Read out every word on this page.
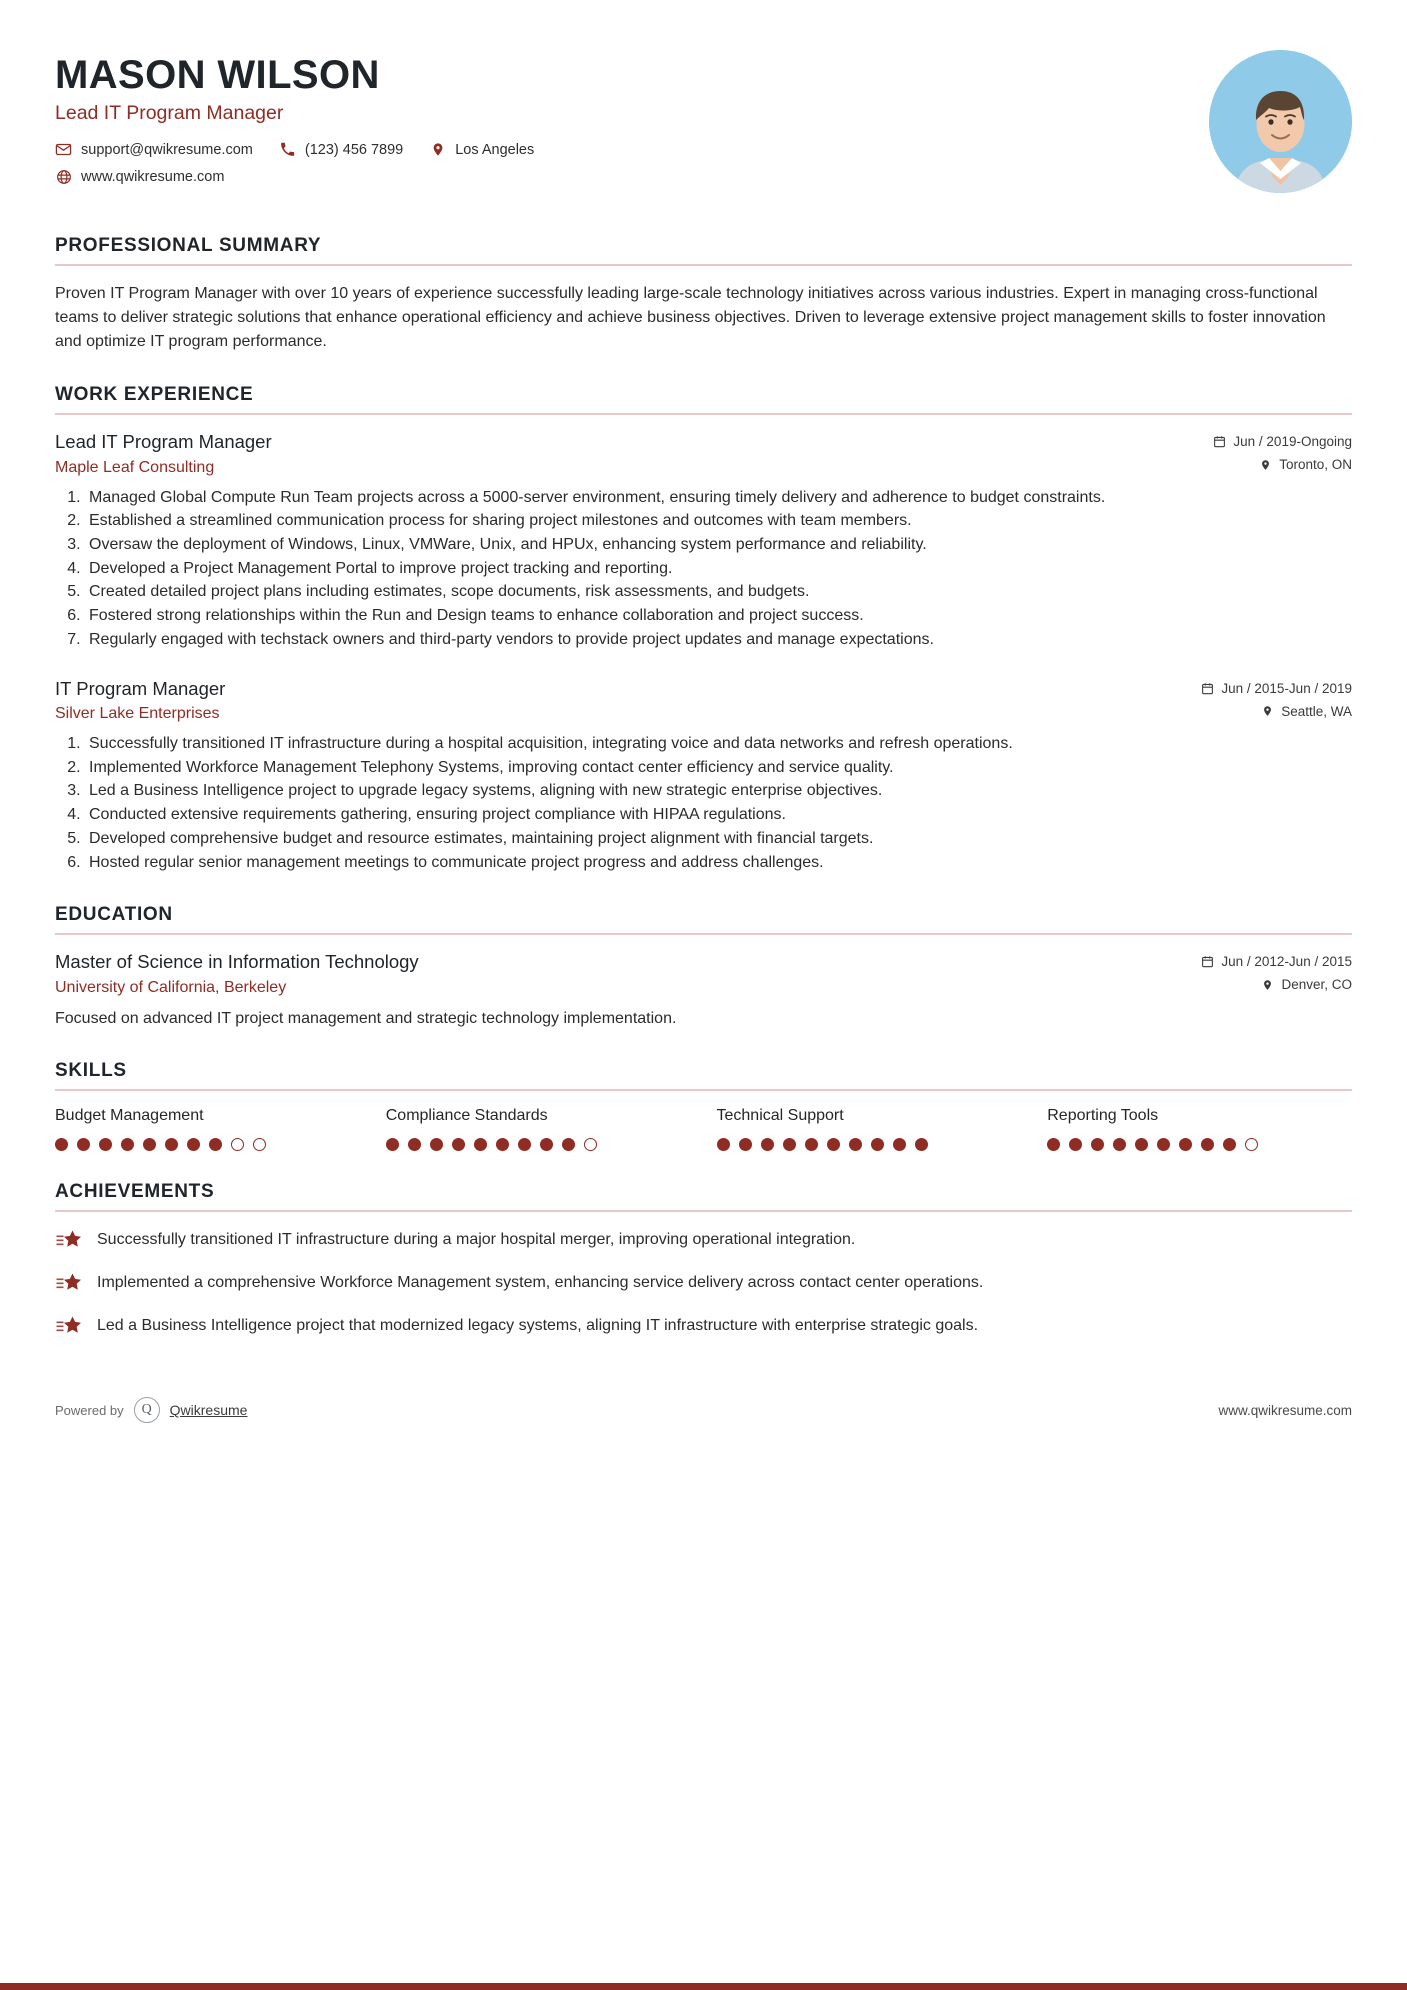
MASON WILSON
Lead IT Program Manager
support@qwikresume.com	(123) 456 7899	Los Angeles
www.qwikresume.com
PROFESSIONAL SUMMARY

Proven IT Program Manager with over 10 years of experience successfully leading large-scale technology initiatives across various industries. Expert in managing cross-functional teams to deliver strategic solutions that enhance operational efficiency and achieve business objectives. Driven to leverage extensive project management skills to foster innovation and optimize IT program performance.

WORK EXPERIENCE
Lead IT Program Manager	Jun / 2019-Ongoing
Maple Leaf Consulting	Toronto, ON
1. Managed Global Compute Run Team projects across a 5000-server environment, ensuring timely delivery and adherence to budget constraints.
2. Established a streamlined communication process for sharing project milestones and outcomes with team members.
3. Oversaw the deployment of Windows, Linux, VMWare, Unix, and HPUx, enhancing system performance and reliability.
4. Developed a Project Management Portal to improve project tracking and reporting.
5. Created detailed project plans including estimates, scope documents, risk assessments, and budgets.
6. Fostered strong relationships within the Run and Design teams to enhance collaboration and project success.
7. Regularly engaged with techstack owners and third-party vendors to provide project updates and manage expectations.
IT Program Manager	Jun / 2015-Jun / 2019
Silver Lake Enterprises	Seattle, WA
1. Successfully transitioned IT infrastructure during a hospital acquisition, integrating voice and data networks and refresh operations.
2. Implemented Workforce Management Telephony Systems, improving contact center efficiency and service quality.
3. Led a Business Intelligence project to upgrade legacy systems, aligning with new strategic enterprise objectives.
4. Conducted extensive requirements gathering, ensuring project compliance with HIPAA regulations.
5. Developed comprehensive budget and resource estimates, maintaining project alignment with financial targets.
6. Hosted regular senior management meetings to communicate project progress and address challenges.
EDUCATION
Master of Science in Information Technology	Jun / 2012-Jun / 2015
University of California, Berkeley	Denver, CO

Focused on advanced IT project management and strategic technology implementation.

SKILLS
Budget Management	Compliance Standards	Technical Support	Reporting Tools
ACHIEVEMENTS
Successfully transitioned IT infrastructure during a major hospital merger, improving operational integration.
Implemented a comprehensive Workforce Management system, enhancing service delivery across contact center operations.
Led a Business Intelligence project that modernized legacy systems, aligning IT infrastructure with enterprise strategic goals.
Powered by	Q	Qwikresume	www.qwikresume.com
